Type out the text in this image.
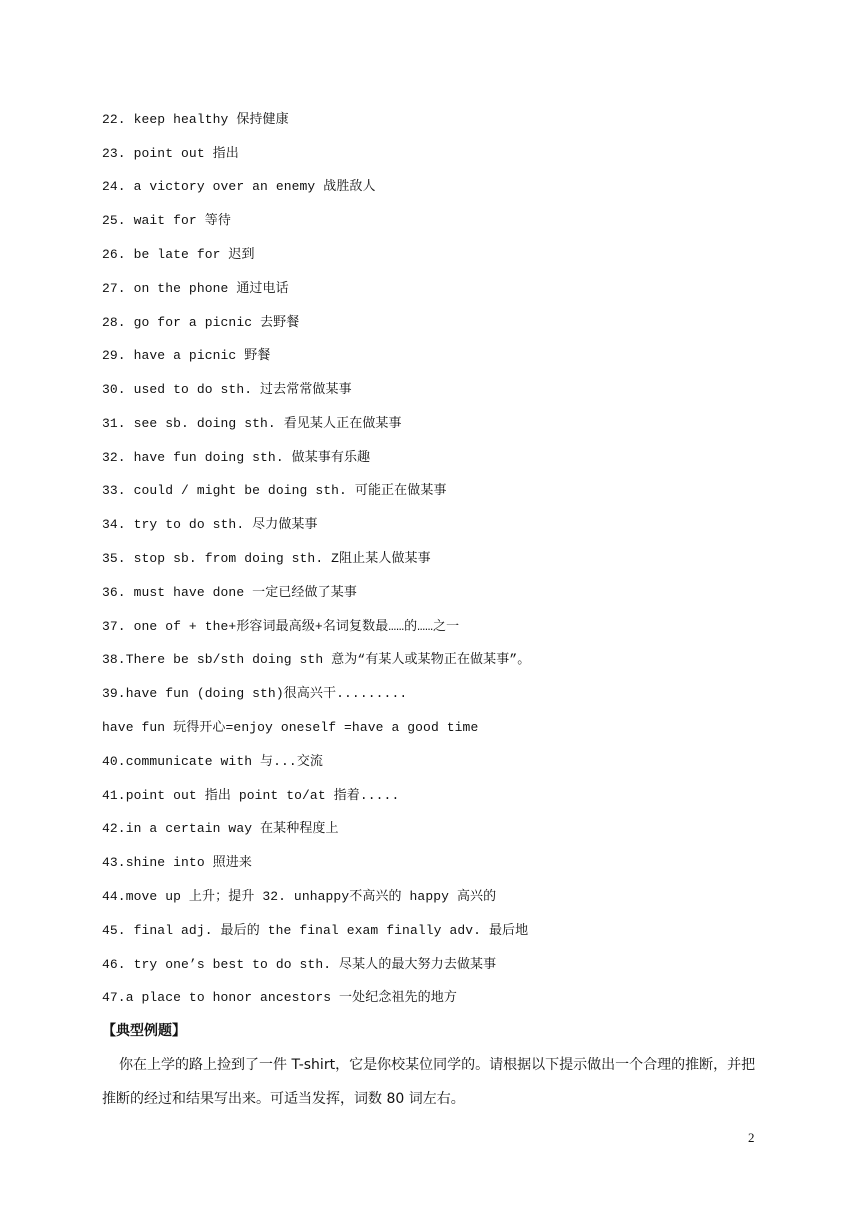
22. keep healthy 保持健康
23. point out 指出
24. a victory over an enemy 战胜敌人
25. wait for 等待
26. be late for 迟到
27. on the phone 通过电话
28. go for a picnic 去野餐
29. have a picnic 野餐
30. used to do sth. 过去常常做某事
31. see sb. doing sth. 看见某人正在做某事
32. have fun doing sth. 做某事有乐趣
33. could / might be doing sth. 可能正在做某事
34. try to do sth. 尽力做某事
35. stop sb. from doing sth. Z阻止某人做某事
36. must have done 一定已经做了某事
37. one of + the+形容词最高级+名词复数最……的……之一
38.There be sb/sth doing sth 意为“有某人或某物正在做某事”。
39.have fun (doing sth)很高兴干.........
have fun 玩得开心=enjoy oneself =have a good time
40.communicate with 与...交流
41.point out 指出 point to/at 指着.....
42.in a certain way 在某种程度上
43.shine into 照进来
44.move up 上升；提升 32. unhappy不高兴的 happy 高兴的
45. final adj. 最后的 the final exam finally adv. 最后地
46. try one’s best to do sth. 尽某人的最大努力去做某事
47.a place to honor ancestors 一处纪念祖先的地方
【典型例题】
你在上学的路上捡到了一件 T-shirt，它是你校某位同学的。请根据以下提示做出一个合理的推断，并把推断的经过和结果写出来。可适当发挥，词数 80 词左右。
2
